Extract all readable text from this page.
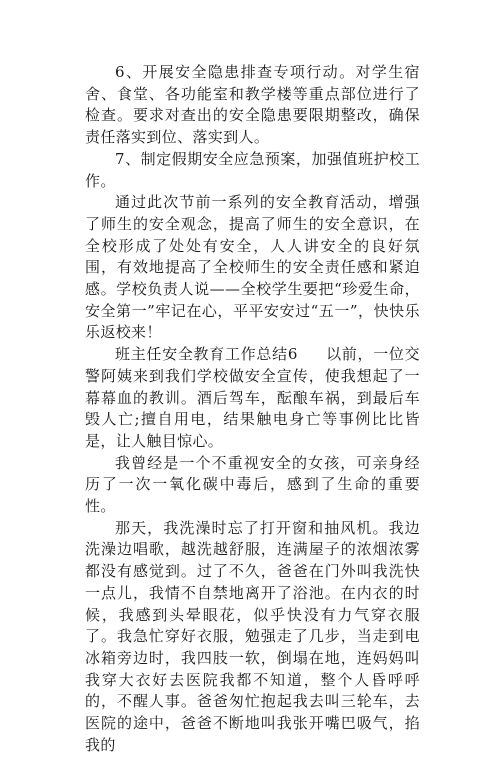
6、开展安全隐患排查专项行动。对学生宿舍、食堂、各功能室和教学楼等重点部位进行了检查。要求对查出的安全隐患要限期整改，确保责任落实到位、落实到人。

7、制定假期安全应急预案，加强值班护校工作。

通过此次节前一系列的安全教育活动，增强了师生的安全观念，提高了师生的安全意识，在全校形成了处处有安全，人人讲安全的良好氛围，有效地提高了全校师生的安全责任感和紧迫感。学校负责人说——全校学生要把“珍爱生命，安全第一”牢记在心，平平安安过“五一”，快快乐乐返校来！

班主任安全教育工作总结6 以前，一位交警阿姨来到我们学校做安全宣传，使我想起了一幕幕血的教训。酒后驾车，酝酿车祸，到最后车毁人亡;擅自用电，结果触电身亡等事例比比皆是，让人触目惊心。

我曾经是一个不重视安全的女孩，可亲身经历了一次一氧化碳中毒后，感到了生命的重要性。

那天，我洗澡时忘了打开窗和抽风机。我边洗澡边唱歌，越洗越舒服，连满屋子的浓烟浓雾都没有感觉到。过了不久，爸爸在门外叫我洗快一点儿，我情不自禁地离开了浴池。在内衣的时候，我感到头晕眼花，似乎快没有力气穿衣服了。我急忙穿好衣服，勉强走了几步，当走到电冰箱旁边时，我四肢一软，倒塌在地，连妈妈叫我穿大衣好去医院我都不知道，整个人昏呼呼的，不醒人事。爸爸匆忙抱起我去叫三轮车，去医院的途中，爸爸不断地叫我张开嘴巴吸气，掐我的
